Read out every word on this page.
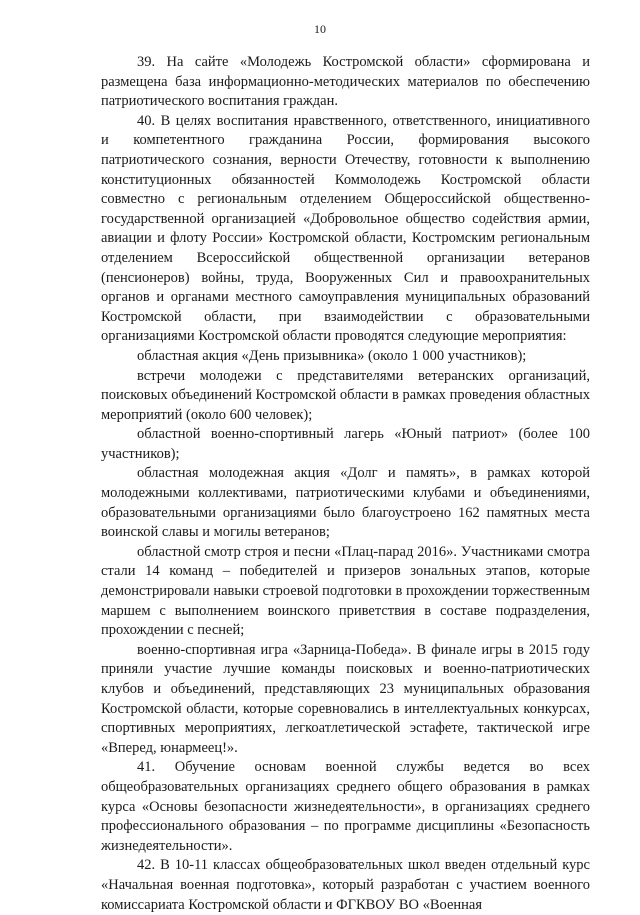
10

39. На сайте «Молодежь Костромской области» сформирована и размещена база информационно-методических материалов по обеспечению патриотического воспитания граждан.

40. В целях воспитания нравственного, ответственного, инициативного и компетентного гражданина России, формирования высокого патриотического сознания, верности Отечеству, готовности к выполнению конституционных обязанностей Коммолодежь Костромской области совместно с региональным отделением Общероссийской общественно-государственной организацией «Добровольное общество содействия армии, авиации и флоту России» Костромской области, Костромским региональным отделением Всероссийской общественной организации ветеранов (пенсионеров) войны, труда, Вооруженных Сил и правоохранительных органов и органами местного самоуправления муниципальных образований Костромской области, при взаимодействии с образовательными организациями Костромской области проводятся следующие мероприятия:

областная акция «День призывника» (около 1 000 участников);

встречи молодежи с представителями ветеранских организаций, поисковых объединений Костромской области в рамках проведения областных мероприятий (около 600 человек);

областной военно-спортивный лагерь «Юный патриот» (более 100 участников);

областная молодежная акция «Долг и память», в рамках которой молодежными коллективами, патриотическими клубами и объединениями, образовательными организациями было благоустроено 162 памятных места воинской славы и могилы ветеранов;

областной смотр строя и песни «Плац-парад 2016». Участниками смотра стали 14 команд – победителей и призеров зональных этапов, которые демонстрировали навыки строевой подготовки в прохождении торжественным маршем с выполнением воинского приветствия в составе подразделения, прохождении с песней;

военно-спортивная игра «Зарница-Победа». В финале игры в 2015 году приняли участие лучшие команды поисковых и военно-патриотических клубов и объединений, представляющих 23 муниципальных образования Костромской области, которые соревновались в интеллектуальных конкурсах, спортивных мероприятиях, легкоатлетической эстафете, тактической игре «Вперед, юнармеец!».

41. Обучение основам военной службы ведется во всех общеобразовательных организациях среднего общего образования в рамках курса «Основы безопасности жизнедеятельности», в организациях среднего профессионального образования – по программе дисциплины «Безопасность жизнедеятельности».

42. В 10-11 классах общеобразовательных школ введен отдельный курс «Начальная военная подготовка», который разработан с участием военного комиссариата Костромской области и ФГКВОУ ВО «Военная
